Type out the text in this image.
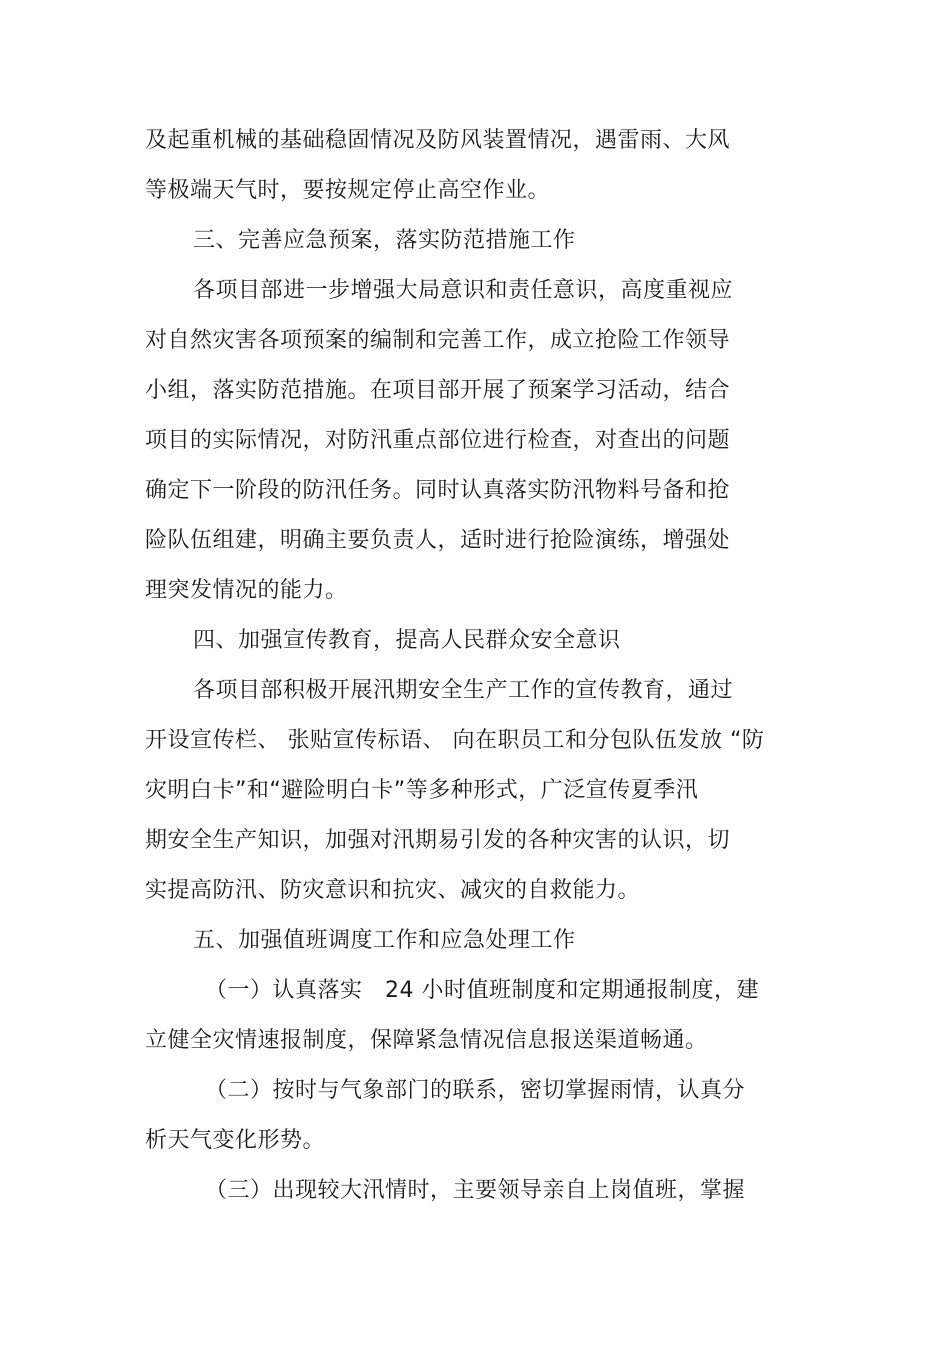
及起重机械的基础稳固情况及防风装置情况，遇雷雨、大风
等极端天气时，要按规定停止高空作业。
三、完善应急预案，落实防范措施工作
各项目部进一步增强大局意识和责任意识，高度重视应
对自然灾害各项预案的编制和完善工作，成立抢险工作领导
小组，落实防范措施。在项目部开展了预案学习活动，结合
项目的实际情况，对防汛重点部位进行检查，对查出的问题
确定下一阶段的防汛任务。同时认真落实防汛物料号备和抢
险队伍组建，明确主要负责人，适时进行抢险演练，增强处
理突发情况的能力。
四、加强宣传教育，提高人民群众安全意识
各项目部积极开展汛期安全生产工作的宣传教育，通过
开设宣传栏、 张贴宣传标语、 向在职员工和分包队伍发放 “防
灾明白卡”和“避险明白卡”等多种形式，广泛宣传夏季汛
期安全生产知识，加强对汛期易引发的各种灾害的认识，切
实提高防汛、防灾意识和抗灾、减灾的自救能力。
五、加强值班调度工作和应急处理工作
（一）认真落实　24 小时值班制度和定期通报制度，建
立健全灾情速报制度，保障紧急情况信息报送渠道畅通。
（二）按时与气象部门的联系，密切掌握雨情，认真分
析天气变化形势。
（三）出现较大汛情时，主要领导亲自上岗值班，掌握
